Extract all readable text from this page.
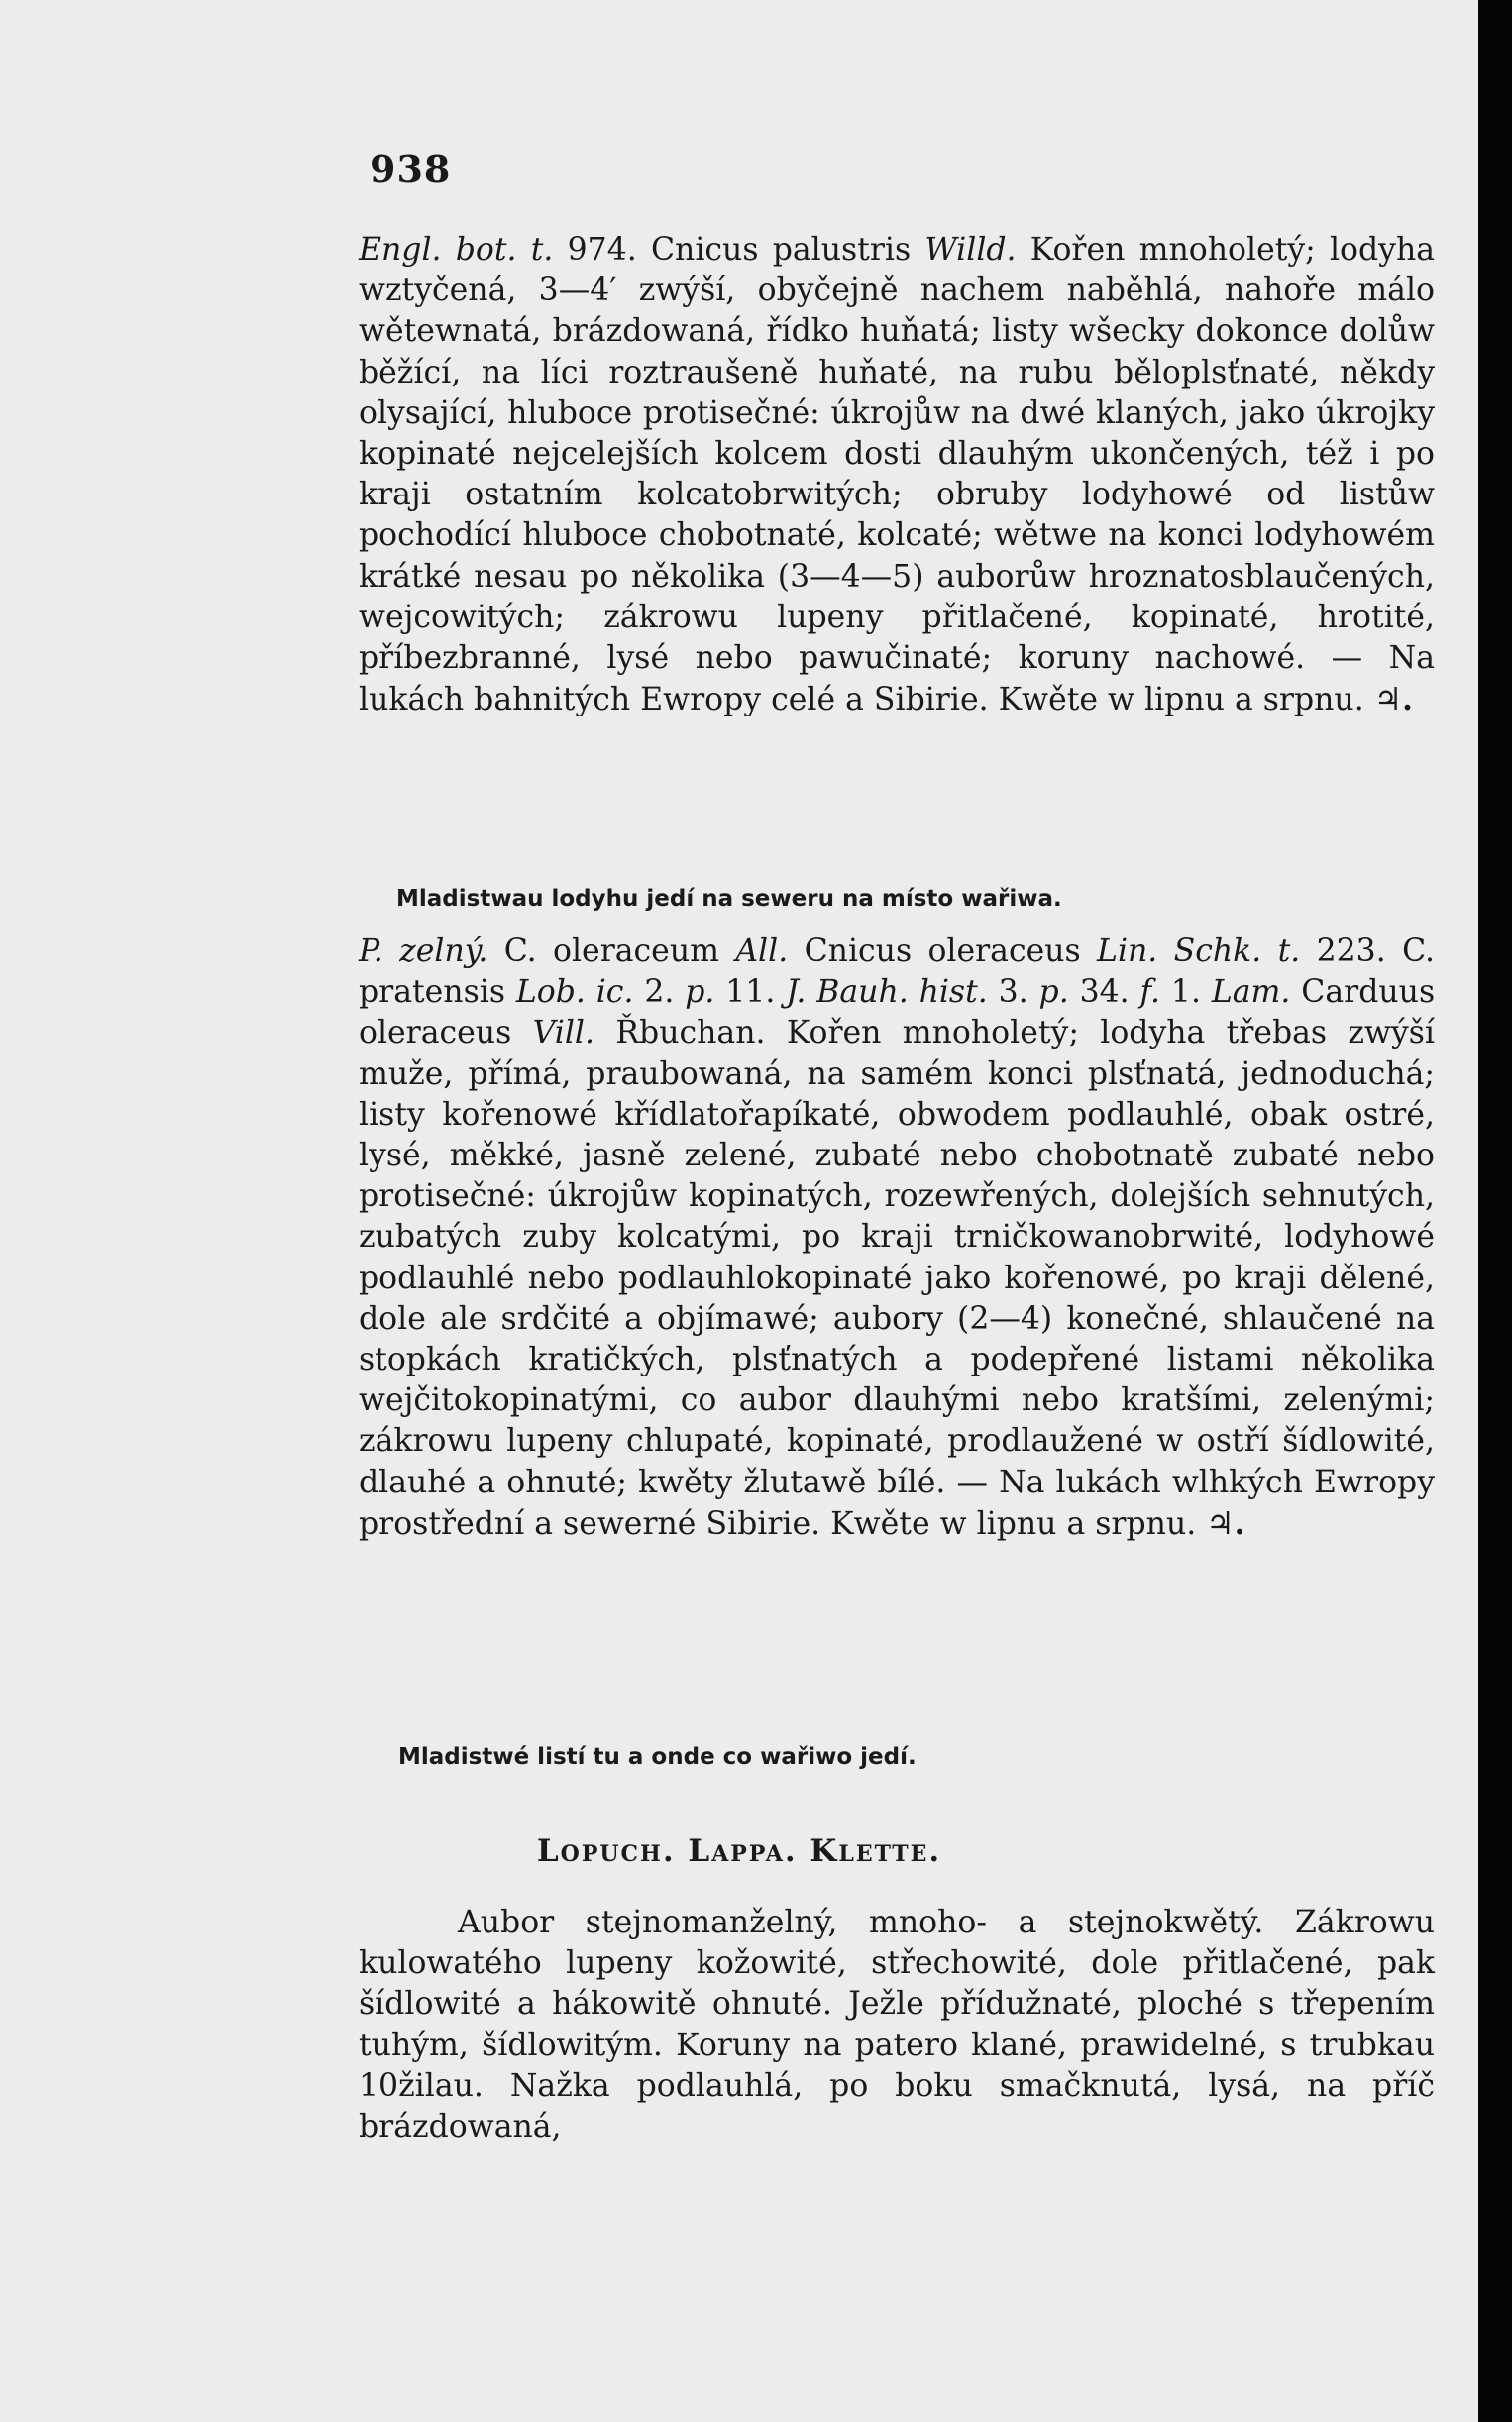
938

Engl. bot. t. 974. Cnicus palustris Willd. Kořen mnoholetý; lodyha wztyčená, 3—4′ zwýší, obyčejně nachem naběhlá, nahoře málo wětewnatá, brázdowaná, řídko huňatá; listy wšecky dokonce dolůw běžící, na líci roztraušeně huňaté, na rubu běloplsťnaté, někdy olysající, hluboce protisečné: úkrojůw na dwé klaných, jako úkrojky kopinaté nejcelejších kolcem dosti dlauhým ukončených, též i po kraji ostatním kolcatobrwitých; obruby lodyhowé od listůw pochodící hluboce chobotnaté, kolcaté; wětwe na konci lodyhowém krátké nesau po několika (3—4—5) auborůw hroznatosblaučených, wejcowitých; zákrowu lupeny přitlačené, kopinaté, hrotité, příbezbranné, lysé nebo pawučinaté; koruny nachowé. — Na lukách bahnitých Ewropy celé a Sibirie. Kwěte w lipnu a srpnu. ♃.

Mladistwau lodyhu jedí na seweru na místo wařiwa.

P. zelný. C. oleraceum All. Cnicus oleraceus Lin. Schk. t. 223. C. pratensis Lob. ic. 2. p. 11. J. Bauh. hist. 3. p. 34. f. 1. Lam. Carduus oleraceus Vill. Řbuchan. Kořen mnoholetý; lodyha třebas zwýší muže, přímá, praubowaná, na samém konci plsťnatá, jednoduchá; listy kořenowé křídlatořapíkaté, obwodem podlauhlé, obak ostré, lysé, měkké, jasně zelené, zubaté nebo chobotnatě zubaté nebo protisečné: úkrojůw kopinatých, rozewřených, dolejších sehnutých, zubatých zuby kolcatými, po kraji trničkowanobrwité, lodyhowé podlauhlé nebo podlauhlokopinaté jako kořenowé, po kraji dělené, dole ale srdčité a objímawé; aubory (2—4) konečné, shlaučené na stopkách kratičkých, plsťnatých a podepřené listami několika wejčitokopinatými, co aubor dlauhými nebo kratšími, zelenými; zákrowu lupeny chlupaté, kopinaté, prodlaužené w ostří šídlowité, dlauhé a ohnuté; kwěty žlutawě bílé. — Na lukách wlhkých Ewropy prostřední a sewerné Sibirie. Kwěte w lipnu a srpnu. ♃.

Mladistwé listí tu a onde co wařiwo jedí.
Lopuch. Lappa. Klette.

Aubor stejnomanželný, mnoho- a stejnokwětý. Zákrowu kulowatého lupeny kožowité, střechowité, dole přitlačené, pak šídlowité a hákowitě ohnuté. Ježle přídužnaté, ploché s třepením tuhým, šídlowitým. Koruny na patero klané, prawidelné, s trubkau 10žilau. Nažka podlauhlá, po boku smačknutá, lysá, na příč brázdowaná,
